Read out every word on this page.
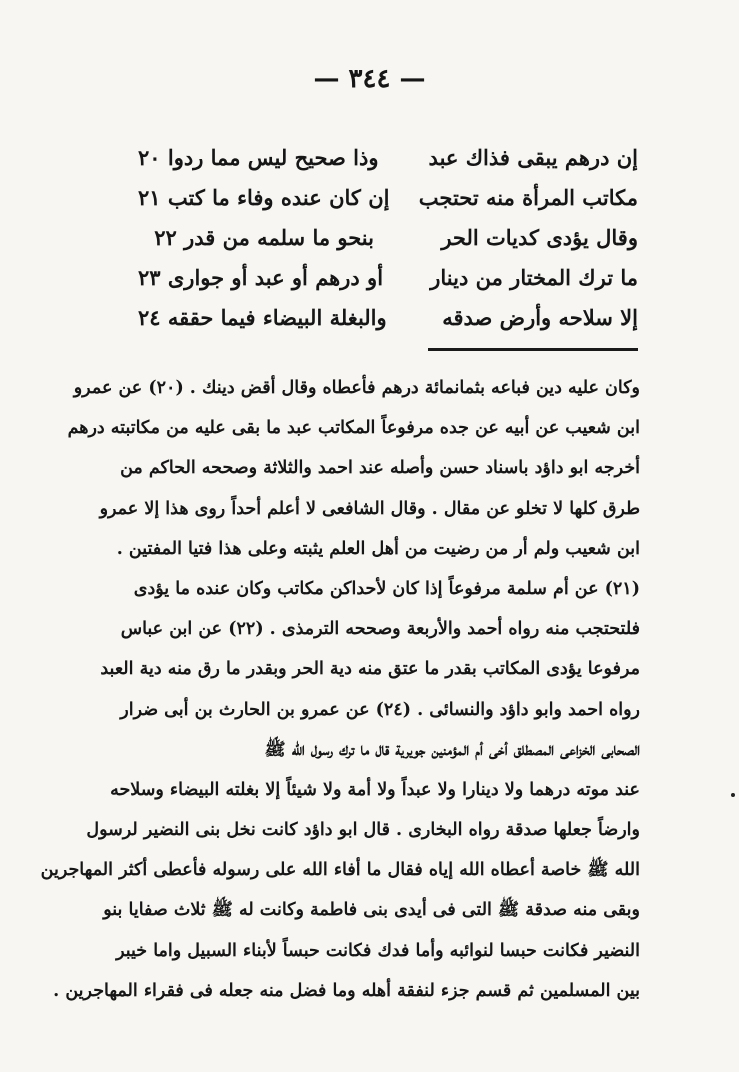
— ٣٤٤ —
إن درهم يبقى فذاك عبد
وذا صحيح ليس مما ردوا ٢٠
مكاتب المرأة منه تحتجب
إن كان عنده وفاء ما كتب ٢١
وقال يؤدى كديات الحر
بنحو ما سلمه من قدر ٢٢
ما ترك المختار من دينار
أو درهم أو عبد أو جوارى ٢٣
إلا سلاحه وأرض صدقه
والبغلة البيضاء فيما حققه ٢٤
وكان عليه دين فباعه بثمانمائة درهم فأعطاه وقال أقض دينك . (٢٠) عن عمرو
ابن شعيب عن أبيه عن جده مرفوعاً المكاتب عبد ما بقى عليه من مكاتبته درهم
أخرجه ابو داؤد باسناد حسن وأصله عند احمد والثلاثة وصححه الحاكم من
طرق كلها لا تخلو عن مقال . وقال الشافعى لا أعلم أحداً روى هذا إلا عمرو
ابن شعيب ولم أر من رضيت من أهل العلم يثبته وعلى هذا فتيا المفتين .
(٢١) عن أم سلمة مرفوعاً إذا كان لأحداكن مكاتب وكان عنده ما يؤدى
فلتحتجب منه رواه أحمد والأربعة وصححه الترمذى . (٢٢) عن ابن عباس
مرفوعا يؤدى المكاتب بقدر ما عتق منه دية الحر وبقدر ما رق منه دية العبد
رواه احمد وابو داؤد والنسائى . (٢٤) عن عمرو بن الحارث بن أبى ضرار
الصحابى الخزاعى المصطلق أخى أم المؤمنين جويرية قال ما ترك رسول الله ﷺ
عند موته درهما ولا دينارا ولا عبداً ولا أمة ولا شيئاً إلا بغلته البيضاء وسلاحه
وارضاً جعلها صدقة رواه البخارى . قال ابو داؤد كانت نخل بنى النضير لرسول
الله ﷺ خاصة أعطاه الله إياه فقال ما أفاء الله على رسوله فأعطى أكثر المهاجرين
وبقى منه صدقة ﷺ التى فى أيدى بنى فاطمة وكانت له ﷺ ثلاث صفايا بنو
النضير فكانت حبسا لنوائبه وأما فدك فكانت حبساً لأبناء السبيل واما خيبر
بين المسلمين ثم قسم جزء لنفقة أهله وما فضل منه جعله فى فقراء المهاجرين .
